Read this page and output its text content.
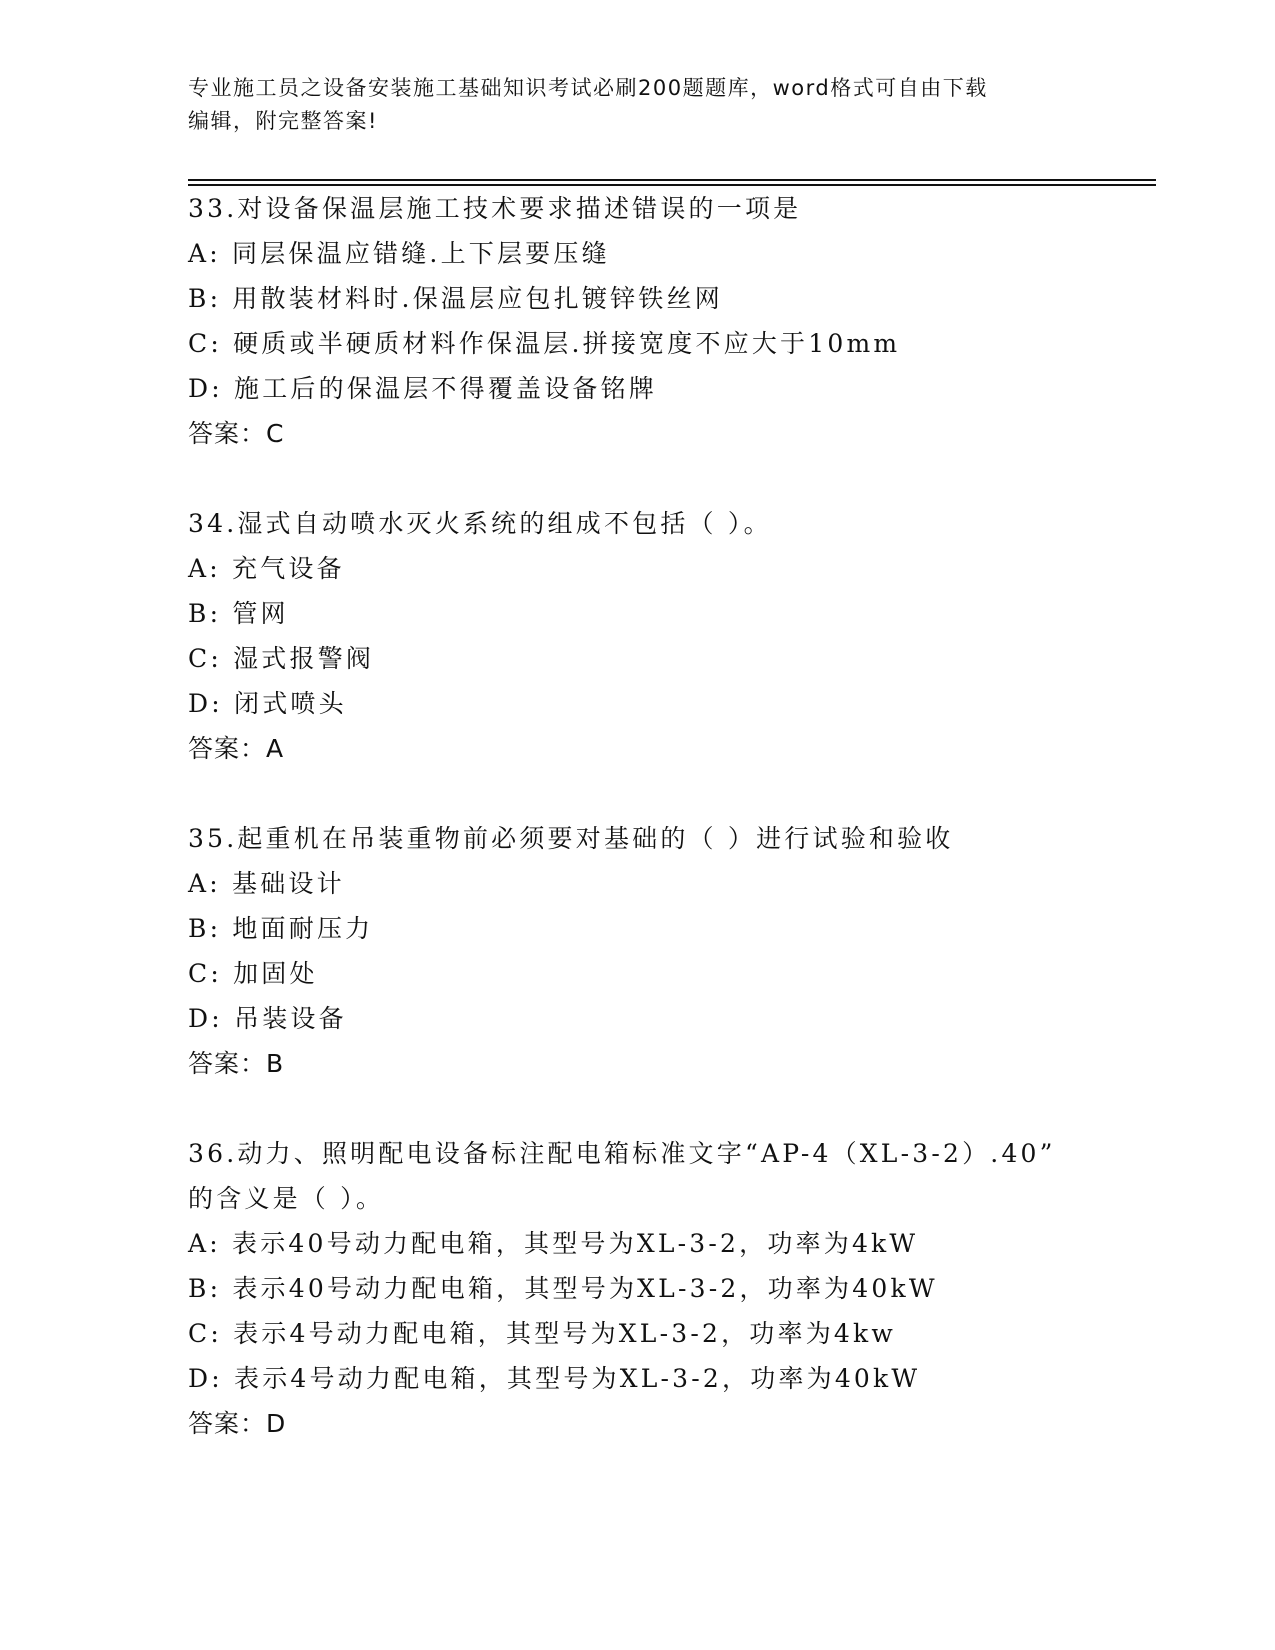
专业施工员之设备安装施工基础知识考试必刷200题题库，word格式可自由下载
编辑，附完整答案!
33.对设备保温层施工技术要求描述错误的一项是
A: 同层保温应错缝.上下层要压缝
B: 用散装材料时.保温层应包扎镀锌铁丝网
C: 硬质或半硬质材料作保温层.拼接宽度不应大于10mm
D: 施工后的保温层不得覆盖设备铭牌
答案：C
34.湿式自动喷水灭火系统的组成不包括（ ）。
A: 充气设备
B: 管网
C: 湿式报警阀
D: 闭式喷头
答案：A
35.起重机在吊装重物前必须要对基础的（ ）进行试验和验收
A: 基础设计
B: 地面耐压力
C: 加固处
D: 吊装设备
答案：B
36.动力、照明配电设备标注配电箱标准文字“AP-4（XL-3-2）.40”
的含义是（ ）。
A: 表示40号动力配电箱，其型号为XL-3-2，功率为4kW
B: 表示40号动力配电箱，其型号为XL-3-2，功率为40kW
C: 表示4号动力配电箱，其型号为XL-3-2，功率为4kw
D: 表示4号动力配电箱，其型号为XL-3-2，功率为40kW
答案：D
